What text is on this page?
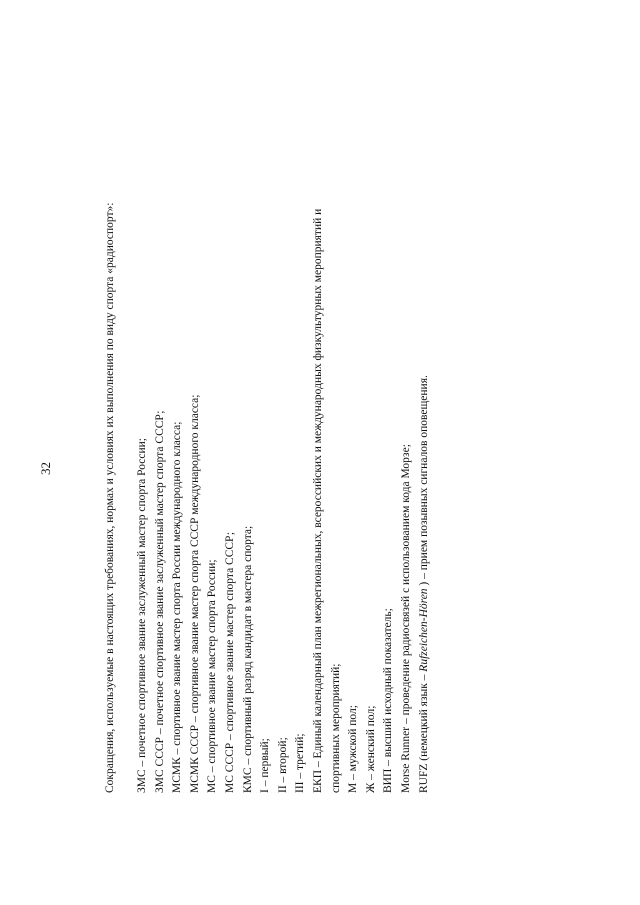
32	Сокращения, используемые в настоящих требованиях, нормах и условиях их выполнения по виду спорта «радиоспорт»: ЗМС – почетное спортивное звание заслуженный мастер спорта России; ЗМС СССР – почетное спортивное звание заслуженный мастер спорта СССР; МСМК – спортивное звание мастер спорта России международного класса; МСМК СССР – спортивное звание мастер спорта СССР международного класса; МС – спортивное звание мастер спорта России; МС СССР – спортивное звание мастер спорта СССР; КМС – спортивный разряд кандидат в мастера спорта; I – первый; II – второй; III – третий; ЕКП – Единый календарный план межрегиональных, всероссийских и международных физкультурных мероприятий и спортивных мероприятий; М – мужской пол; Ж – женский пол; ВИП – высший исходный показатель; Morse Runner – проведение радиосвязей с использованием кода Морзе; RUFZ (немецкий язык – Rufzeichen-Hören ) – прием позывных сигналов оповещения.
